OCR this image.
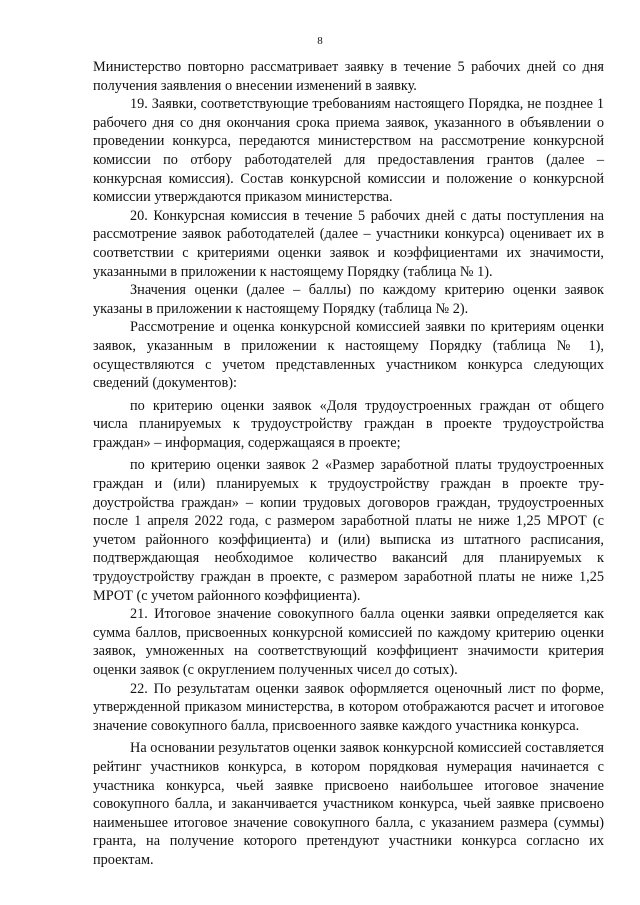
8

Министерство повторно рассматривает заявку в течение 5 рабочих дней со дня получения заявления о внесении изменений в заявку.

19. Заявки, соответствующие требованиям настоящего Порядка, не позднее 1 рабочего дня со дня окончания срока приема заявок, указанного в объявлении о проведении конкурса, передаются министерством на рассмотрение конкурсной комиссии по отбору работодателей для предоставления грантов (далее – конкурсная комиссия). Состав конкурсной комиссии и положение о конкурсной комиссии утверждаются приказом министерства.

20. Конкурсная комиссия в течение 5 рабочих дней с даты поступления на рассмотрение заявок работодателей (далее – участники конкурса) оценивает их в соответствии с критериями оценки заявок и коэффициентами их значимости, указанными в приложении к настоящему Порядку (таблица № 1).

Значения оценки (далее – баллы) по каждому критерию оценки заявок указаны в приложении к настоящему Порядку (таблица № 2).

Рассмотрение и оценка конкурсной комиссией заявки по критериям оценки заявок, указанным в приложении к настоящему Порядку (таблица № 1), осуществляются с учетом представленных участником конкурса следующих сведений (документов):

по критерию оценки заявок «Доля трудоустроенных граждан от общего числа планируемых к трудоустройству граждан в проекте трудоустройства граждан» – информация, содержащаяся в проекте;

по критерию оценки заявок 2 «Размер заработной платы трудоустроенных граждан и (или) планируемых к трудоустройству граждан в проекте трудоустройства граждан» – копии трудовых договоров граждан, трудоустроенных после 1 апреля 2022 года, с размером заработной платы не ниже 1,25 МРОТ (с учетом районного коэффициента) и (или) выписка из штатного расписания, подтверждающая необходимое количество вакансий для планируемых к трудоустройству граждан в проекте, с размером заработной платы не ниже 1,25 МРОТ (с учетом районного коэффициента).

21. Итоговое значение совокупного балла оценки заявки определяется как сумма баллов, присвоенных конкурсной комиссией по каждому критерию оценки заявок, умноженных на соответствующий коэффициент значимости критерия оценки заявок (с округлением полученных чисел до сотых).

22. По результатам оценки заявок оформляется оценочный лист по форме, утвержденной приказом министерства, в котором отображаются расчет и итоговое значение совокупного балла, присвоенного заявке каждого участника конкурса.

На основании результатов оценки заявок конкурсной комиссией составляется рейтинг участников конкурса, в котором порядковая нумерация начинается с участника конкурса, чьей заявке присвоено наибольшее итоговое значение совокупного балла, и заканчивается участником конкурса, чьей заявке присвоено наименьшее итоговое значение совокупного балла, с указанием размера (суммы) гранта, на получение которого претендуют участники конкурса согласно их проектам.
